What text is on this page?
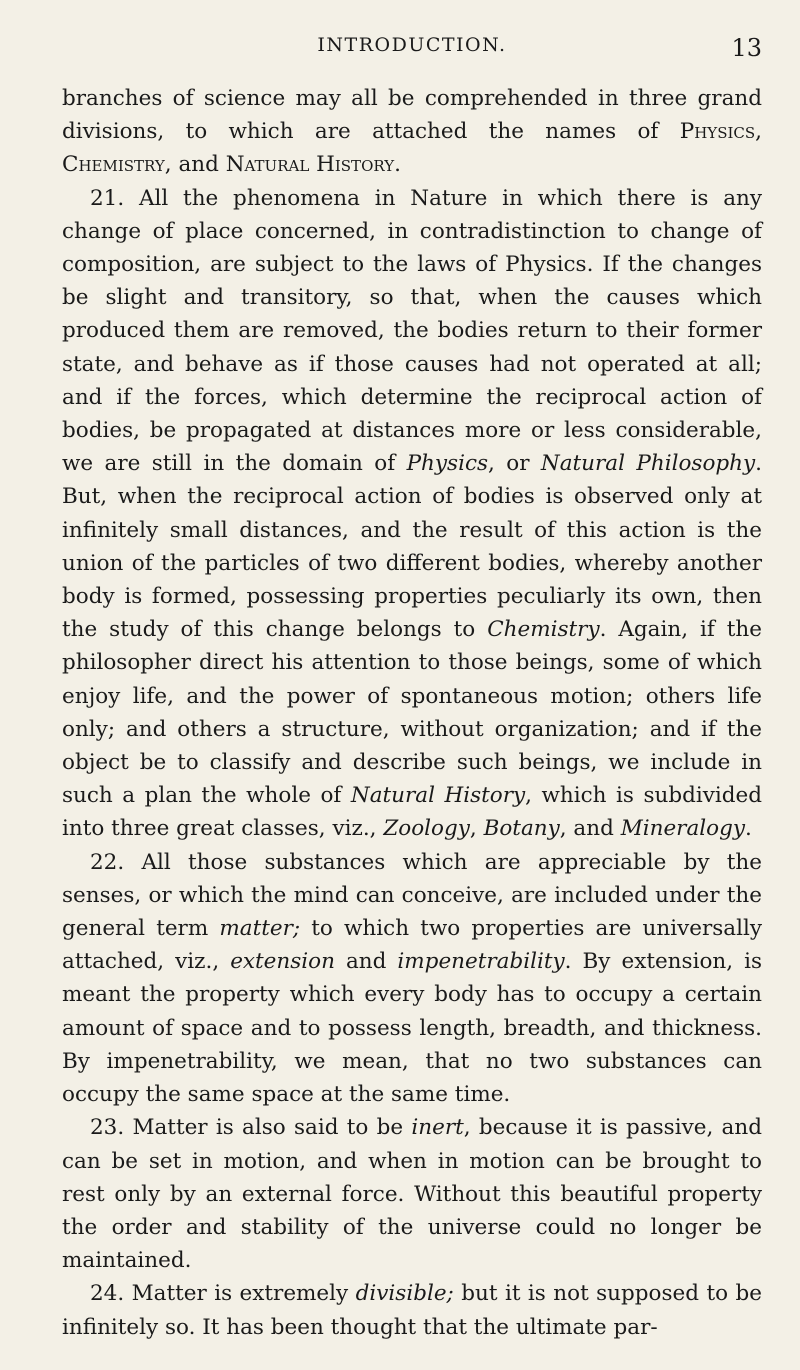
INTRODUCTION.	13

branches of science may all be comprehended in three grand divisions, to which are attached the names of Physics, Chemistry, and Natural History.

21. All the phenomena in Nature in which there is any change of place concerned, in contradistinction to change of composition, are subject to the laws of Physics. If the changes be slight and transitory, so that, when the causes which produced them are removed, the bodies return to their former state, and behave as if those causes had not operated at all; and if the forces, which determine the reciprocal action of bodies, be propagated at distances more or less considerable, we are still in the domain of Physics, or Natural Philosophy. But, when the reciprocal action of bodies is observed only at infinitely small distances, and the result of this action is the union of the particles of two different bodies, whereby another body is formed, possessing properties peculiarly its own, then the study of this change belongs to Chemistry. Again, if the philosopher direct his attention to those beings, some of which enjoy life, and the power of spontaneous motion; others life only; and others a structure, without organization; and if the object be to classify and describe such beings, we include in such a plan the whole of Natural History, which is subdivided into three great classes, viz., Zoology, Botany, and Mineralogy.

22. All those substances which are appreciable by the senses, or which the mind can conceive, are included under the general term matter; to which two properties are universally attached, viz., extension and impenetrability. By extension, is meant the property which every body has to occupy a certain amount of space and to possess length, breadth, and thickness. By impenetrability, we mean, that no two substances can occupy the same space at the same time.

23. Matter is also said to be inert, because it is passive, and can be set in motion, and when in motion can be brought to rest only by an external force. Without this beautiful property the order and stability of the universe could no longer be maintained.

24. Matter is extremely divisible; but it is not supposed to be infinitely so. It has been thought that the ultimate par-
